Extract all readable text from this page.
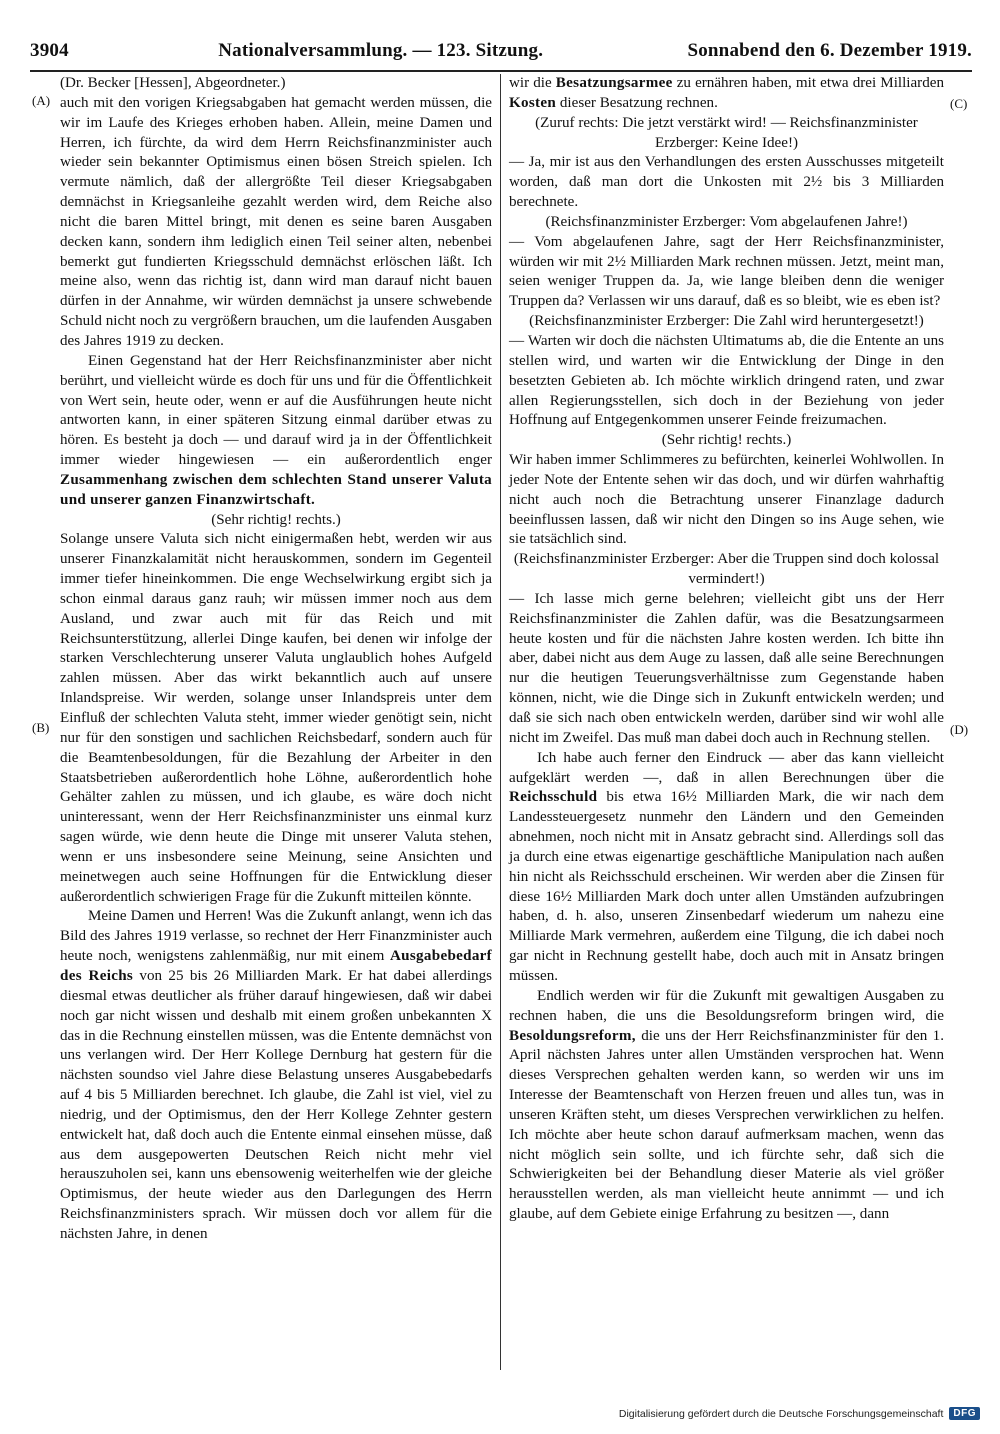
3904	Nationalversammlung. — 123. Sitzung.	Sonnabend den 6. Dezember 1919.
(A)
(B)
(C)
(D)

(Dr. Becker [Hessen], Abgeordneter.)

auch mit den vorigen Kriegsabgaben hat gemacht werden müssen, die wir im Laufe des Krieges erhoben haben. Allein, meine Damen und Herren, ich fürchte, da wird dem Herrn Reichsfinanzminister auch wieder sein bekannter Optimismus einen bösen Streich spielen. Ich vermute nämlich, daß der allergrößte Teil dieser Kriegsabgaben demnächst in Kriegsanleihe gezahlt werden wird, dem Reiche also nicht die baren Mittel bringt, mit denen es seine baren Ausgaben decken kann, sondern ihm lediglich einen Teil seiner alten, nebenbei bemerkt gut fundierten Kriegsschuld demnächst erlöschen läßt. Ich meine also, wenn das richtig ist, dann wird man darauf nicht bauen dürfen in der Annahme, wir würden demnächst ja unsere schwebende Schuld nicht noch zu vergrößern brauchen, um die laufenden Ausgaben des Jahres 1919 zu decken.

Einen Gegenstand hat der Herr Reichsfinanzminister aber nicht berührt, und vielleicht würde es doch für uns und für die Öffentlichkeit von Wert sein, heute oder, wenn er auf die Ausführungen heute nicht antworten kann, in einer späteren Sitzung einmal darüber etwas zu hören. Es besteht ja doch — und darauf wird ja in der Öffentlichkeit immer wieder hingewiesen — ein außerordentlich enger Zusammenhang zwischen dem schlechten Stand unserer Valuta und unserer ganzen Finanzwirtschaft.

(Sehr richtig! rechts.)

Solange unsere Valuta sich nicht einigermaßen hebt, werden wir aus unserer Finanzkalamität nicht herauskommen, sondern im Gegenteil immer tiefer hineinkommen. Die enge Wechselwirkung ergibt sich ja schon einmal daraus ganz rauh; wir müssen immer noch aus dem Ausland, und zwar auch mit für das Reich und mit Reichsunterstützung, allerlei Dinge kaufen, bei denen wir infolge der starken Verschlechterung unserer Valuta unglaublich hohes Aufgeld zahlen müssen. Aber das wirkt bekanntlich auch auf unsere Inlandspreise. Wir werden, solange unser Inlandspreis unter dem Einfluß der schlechten Valuta steht, immer wieder genötigt sein, nicht nur für den sonstigen und sachlichen Reichsbedarf, sondern auch für die Beamtenbesoldungen, für die Bezahlung der Arbeiter in den Staatsbetrieben außerordentlich hohe Löhne, außerordentlich hohe Gehälter zahlen zu müssen, und ich glaube, es wäre doch nicht uninteressant, wenn der Herr Reichsfinanzminister uns einmal kurz sagen würde, wie denn heute die Dinge mit unserer Valuta stehen, wenn er uns insbesondere seine Meinung, seine Ansichten und meinetwegen auch seine Hoffnungen für die Entwicklung dieser außerordentlich schwierigen Frage für die Zukunft mitteilen könnte.

Meine Damen und Herren! Was die Zukunft anlangt, wenn ich das Bild des Jahres 1919 verlasse, so rechnet der Herr Finanzminister auch heute noch, wenigstens zahlenmäßig, nur mit einem Ausgabebedarf des Reichs von 25 bis 26 Milliarden Mark. Er hat dabei allerdings diesmal etwas deutlicher als früher darauf hingewiesen, daß wir dabei noch gar nicht wissen und deshalb mit einem großen unbekannten X das in die Rechnung einstellen müssen, was die Entente demnächst von uns verlangen wird. Der Herr Kollege Dernburg hat gestern für die nächsten soundso viel Jahre diese Belastung unseres Ausgabebedarfs auf 4 bis 5 Milliarden berechnet. Ich glaube, die Zahl ist viel, viel zu niedrig, und der Optimismus, den der Herr Kollege Zehnter gestern entwickelt hat, daß doch auch die Entente einmal einsehen müsse, daß aus dem ausgepowerten Deutschen Reich nicht mehr viel herauszuholen sei, kann uns ebensowenig weiterhelfen wie der gleiche Optimismus, der heute wieder aus den Darlegungen des Herrn Reichsfinanzministers sprach. Wir müssen doch vor allem für die nächsten Jahre, in denen

wir die Besatzungsarmee zu ernähren haben, mit etwa drei Milliarden Kosten dieser Besatzung rechnen.

(Zuruf rechts: Die jetzt verstärkt wird! — Reichsfinanzminister Erzberger: Keine Idee!)

— Ja, mir ist aus den Verhandlungen des ersten Ausschusses mitgeteilt worden, daß man dort die Unkosten mit 2½ bis 3 Milliarden berechnete.

(Reichsfinanzminister Erzberger: Vom abgelaufenen Jahre!)

— Vom abgelaufenen Jahre, sagt der Herr Reichsfinanzminister, würden wir mit 2½ Milliarden Mark rechnen müssen. Jetzt, meint man, seien weniger Truppen da. Ja, wie lange bleiben denn die weniger Truppen da? Verlassen wir uns darauf, daß es so bleibt, wie es eben ist?

(Reichsfinanzminister Erzberger: Die Zahl wird heruntergesetzt!)

— Warten wir doch die nächsten Ultimatums ab, die die Entente an uns stellen wird, und warten wir die Entwicklung der Dinge in den besetzten Gebieten ab. Ich möchte wirklich dringend raten, und zwar allen Regierungsstellen, sich doch in der Beziehung von jeder Hoffnung auf Entgegenkommen unserer Feinde freizumachen.

(Sehr richtig! rechts.)

Wir haben immer Schlimmeres zu befürchten, keinerlei Wohlwollen. In jeder Note der Entente sehen wir das doch, und wir dürfen wahrhaftig nicht auch noch die Betrachtung unserer Finanzlage dadurch beeinflussen lassen, daß wir nicht den Dingen so ins Auge sehen, wie sie tatsächlich sind.

(Reichsfinanzminister Erzberger: Aber die Truppen sind doch kolossal vermindert!)

— Ich lasse mich gerne belehren; vielleicht gibt uns der Herr Reichsfinanzminister die Zahlen dafür, was die Besatzungsarmeen heute kosten und für die nächsten Jahre kosten werden. Ich bitte ihn aber, dabei nicht aus dem Auge zu lassen, daß alle seine Berechnungen nur die heutigen Teuerungsverhältnisse zum Gegenstande haben können, nicht, wie die Dinge sich in Zukunft entwickeln werden; und daß sie sich nach oben entwickeln werden, darüber sind wir wohl alle nicht im Zweifel. Das muß man dabei doch auch in Rechnung stellen.

Ich habe auch ferner den Eindruck — aber das kann vielleicht aufgeklärt werden —, daß in allen Berechnungen über die Reichsschuld bis etwa 16½ Milliarden Mark, die wir nach dem Landessteuergesetz nunmehr den Ländern und den Gemeinden abnehmen, noch nicht mit in Ansatz gebracht sind. Allerdings soll das ja durch eine etwas eigenartige geschäftliche Manipulation nach außen hin nicht als Reichsschuld erscheinen. Wir werden aber die Zinsen für diese 16½ Milliarden Mark doch unter allen Umständen aufzubringen haben, d. h. also, unseren Zinsenbedarf wiederum um nahezu eine Milliarde Mark vermehren, außerdem eine Tilgung, die ich dabei noch gar nicht in Rechnung gestellt habe, doch auch mit in Ansatz bringen müssen.

Endlich werden wir für die Zukunft mit gewaltigen Ausgaben zu rechnen haben, die uns die Besoldungsreform bringen wird, die Besoldungsreform, die uns der Herr Reichsfinanzminister für den 1. April nächsten Jahres unter allen Umständen versprochen hat. Wenn dieses Versprechen gehalten werden kann, so werden wir uns im Interesse der Beamtenschaft von Herzen freuen und alles tun, was in unseren Kräften steht, um dieses Versprechen verwirklichen zu helfen. Ich möchte aber heute schon darauf aufmerksam machen, wenn das nicht möglich sein sollte, und ich fürchte sehr, daß sich die Schwierigkeiten bei der Behandlung dieser Materie als viel größer herausstellen werden, als man vielleicht heute annimmt — und ich glaube, auf dem Gebiete einige Erfahrung zu besitzen —, dann

Digitalisierung gefördert durch die Deutsche Forschungsgemeinschaft	DFG
